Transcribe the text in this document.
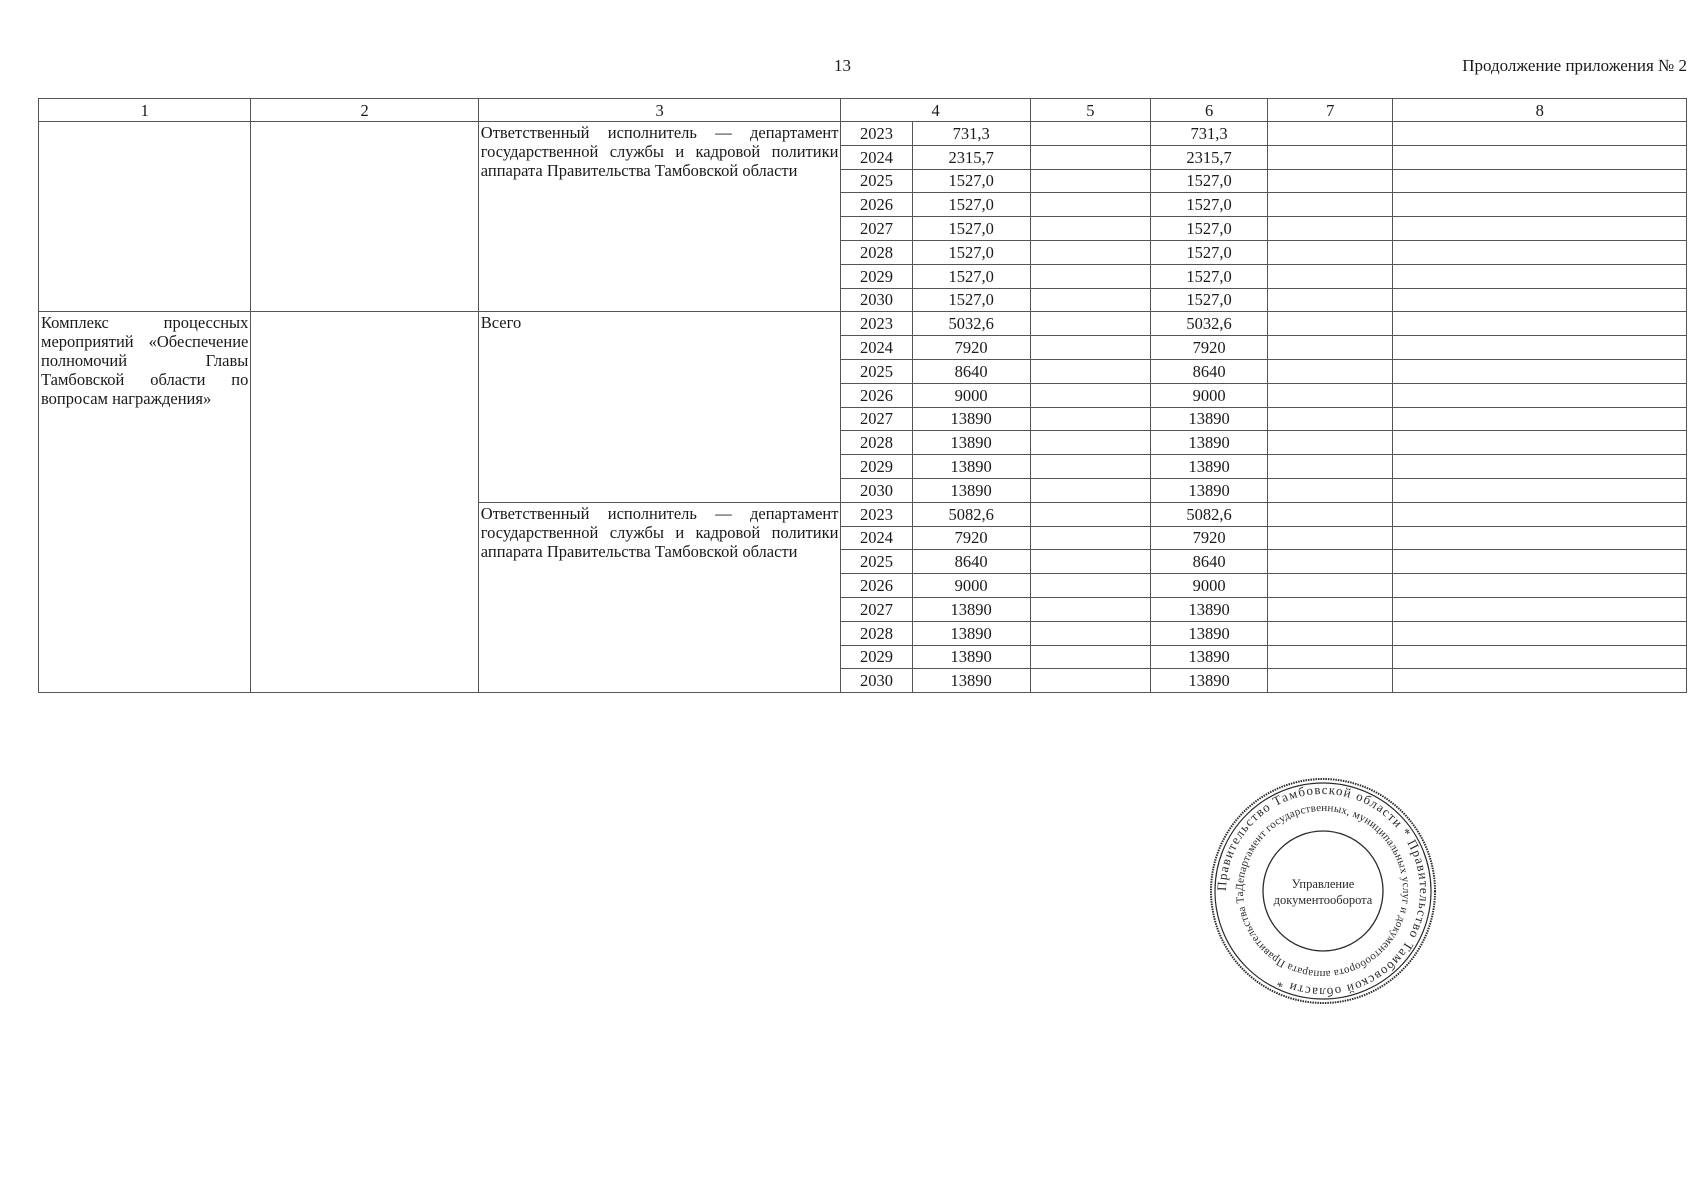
13	Продолжение приложения № 2
1	2	3	4		5	6	7	8
		Ответственный исполнитель — департамент государственной службы и кадровой политики аппарата Правительства Тамбовской области	2023	731,3		731,3		
			2024	2315,7		2315,7		
			2025	1527,0		1527,0		
			2026	1527,0		1527,0		
			2027	1527,0		1527,0		
			2028	1527,0		1527,0		
			2029	1527,0		1527,0		
			2030	1527,0		1527,0		
Комплекс процессных мероприятий «Обеспечение полномочий Главы Тамбовской области по вопросам награждения»		Всего	2023	5032,6		5032,6		
			2024	7920		7920		
			2025	8640		8640		
			2026	9000		9000		
			2027	13890		13890		
			2028	13890		13890		
			2029	13890		13890		
			2030	13890		13890		
		Ответственный исполнитель — департамент государственной службы и кадровой политики аппарата Правительства Тамбовской области	2023	5082,6		5082,6		
			2024	7920		7920		
			2025	8640		8640		
			2026	9000		9000		
			2027	13890		13890		
			2028	13890		13890		
			2029	13890		13890		
			2030	13890		13890		
Правительство Тамбовской области * Правительство Тамбовской области *
Департамент государственных, муниципальных услуг и документооборота аппарата Правительства Та
Управление
документооборота
